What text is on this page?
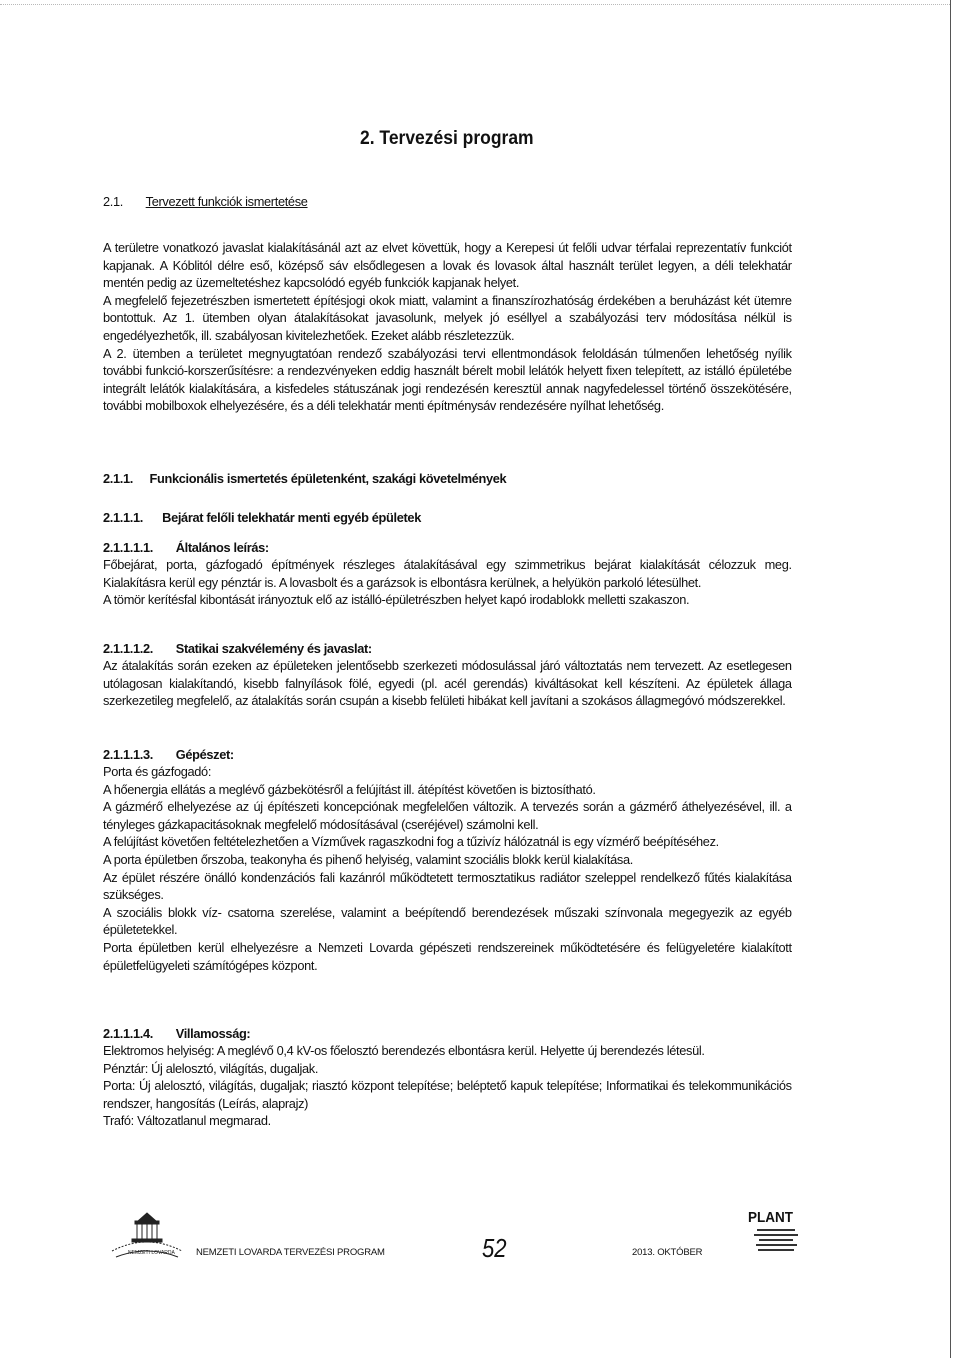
2. Tervezési program
2.1. Tervezett funkciók ismertetése

A területre vonatkozó javaslat kialakításánál azt az elvet követtük, hogy a Kerepesi út felőli udvar térfalai reprezentatív funkciót kapjanak. A Kóblitól délre eső, középső sáv elsődlegesen a lovak és lovasok által használt terület legyen, a déli telekhatár mentén pedig az üzemeltetéshez kapcsolódó egyéb funkciók kapjanak helyet.

A megfelelő fejezetrészben ismertetett építésjogi okok miatt, valamint a finanszírozhatóság érdekében a beruházást két ütemre bontottuk. Az 1. ütemben olyan átalakításokat javasolunk, melyek jó eséllyel a szabályozási terv módosítása nélkül is engedélyezhetők, ill. szabályosan kivitelezhetőek. Ezeket alább részletezzük.

A 2. ütemben a területet megnyugtatóan rendező szabályozási tervi ellentmondások feloldásán túlmenően lehetőség nyílik további funkció-korszerűsítésre: a rendezvényeken eddig használt bérelt mobil lelátók helyett fixen telepített, az istálló épületébe integrált lelátók kialakítására, a kisfedeles státuszának jogi rendezésén keresztül annak nagyfedelessel történő összekötésére, további mobilboxok elhelyezésére, és a déli telekhatár menti építménysáv rendezésére nyílhat lehetőség.

2.1.1. Funkcionális ismertetés épületenként, szakági követelmények
2.1.1.1. Bejárat felőli telekhatár menti egyéb épületek
2.1.1.1.1. Általános leírás:

Főbejárat, porta, gázfogadó építmények részleges átalakításával egy szimmetrikus bejárat kialakítását célozzuk meg. Kialakításra kerül egy pénztár is. A lovasbolt és a garázsok is elbontásra kerülnek, a helyükön parkoló létesülhet.

A tömör kerítésfal kibontását irányoztuk elő az istálló-épületrészben helyet kapó irodablokk melletti szakaszon.

2.1.1.1.2. Statikai szakvélemény és javaslat:

Az átalakítás során ezeken az épületeken jelentősebb szerkezeti módosulással járó változtatás nem tervezett. Az esetlegesen utólagosan kialakítandó, kisebb falnyílások fölé, egyedi (pl. acél gerendás) kiváltásokat kell készíteni. Az épületek állaga szerkezetileg megfelelő, az átalakítás során csupán a kisebb felületi hibákat kell javítani a szokásos állagmegóvó módszerekkel.

2.1.1.1.3. Gépészet:

Porta és gázfogadó:

A hőenergia ellátás a meglévő gázbekötésről a felújítást ill. átépítést követően is biztosítható.

A gázmérő elhelyezése az új építészeti koncepciónak megfelelően változik. A tervezés során a gázmérő áthelyezésével, ill. a tényleges gázkapacitásoknak megfelelő módosításával (cseréjével) számolni kell.

A felújítást követően feltételezhetően a Vízművek ragaszkodni fog a tűzivíz hálózatnál is egy vízmérő beépítéséhez.

A porta épületben őrszoba, teakonyha és pihenő helyiség, valamint szociális blokk kerül kialakítása.

Az épület részére önálló kondenzációs fali kazánról működtetett termosztatikus radiátor szeleppel rendelkező fűtés kialakítása szükséges.

A szociális blokk víz- csatorna szerelése, valamint a beépítendő berendezések műszaki színvonala megegyezik az egyéb épületetekkel.

Porta épületben kerül elhelyezésre a Nemzeti Lovarda gépészeti rendszereinek működtetésére és felügyeletére kialakított épületfelügyeleti számítógépes központ.

2.1.1.1.4. Villamosság:

Elektromos helyiség: A meglévő 0,4 kV-os főelosztó berendezés elbontásra kerül. Helyette új berendezés létesül.

Pénztár: Új alelosztó, világítás, dugaljak.

Porta: Új alelosztó, világítás, dugaljak; riasztó központ telepítése; beléptető kapuk telepítése; Informatikai és telekommunikációs rendszer, hangosítás (Leírás, alaprajz)

Trafó: Változatlanul megmarad.

NEMZETI LOVARDA NEMZETI LOVARDA TERVEZÉSI PROGRAM	52	2013. OKTÓBER
PLANT
